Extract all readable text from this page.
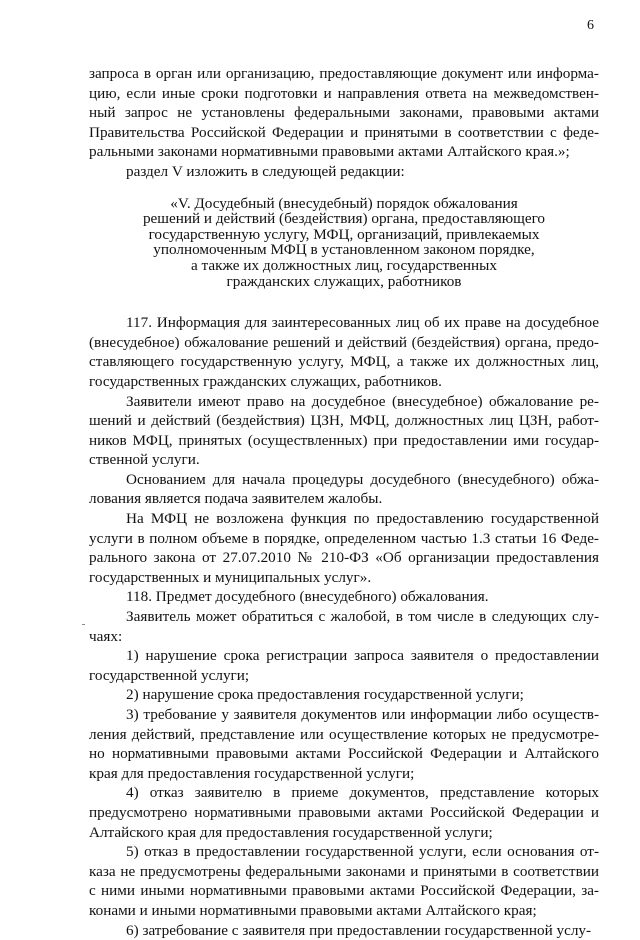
6

запроса в орган или организацию, предоставляющие документ или информа-

цию, если иные сроки подготовки и направления ответа на межведомствен-

ный запрос не установлены федеральными законами, правовыми актами

Правительства Российской Федерации и принятыми в соответствии с феде-

ральными законами нормативными правовыми актами Алтайского края.»;

раздел V изложить в следующей редакции:

«V. Досудебный (внесудебный) порядок обжалования
решений и действий (бездействия) органа, предоставляющего
государственную услугу, МФЦ, организаций, привлекаемых
уполномоченным МФЦ в установленном законом порядке,
а также их должностных лиц, государственных
гражданских служащих, работников

117. Информация для заинтересованных лиц об их праве на досудебное

(внесудебное) обжалование решений и действий (бездействия) органа, предо-

ставляющего государственную услугу, МФЦ, а также их должностных лиц,

государственных гражданских служащих, работников.

Заявители имеют право на досудебное (внесудебное) обжалование ре-

шений и действий (бездействия) ЦЗН, МФЦ, должностных лиц ЦЗН, работ-

ников МФЦ, принятых (осуществленных) при предоставлении ими государ-

ственной услуги.

Основанием для начала процедуры досудебного (внесудебного) обжа-

лования является подача заявителем жалобы.

На МФЦ не возложена функция по предоставлению государственной

услуги в полном объеме в порядке, определенном частью 1.3 статьи 16 Феде-

рального закона от 27.07.2010 № 210-ФЗ «Об организации предоставления

государственных и муниципальных услуг».

118. Предмет досудебного (внесудебного) обжалования.

Заявитель может обратиться с жалобой, в том числе в следующих слу-

чаях:

1) нарушение срока регистрации запроса заявителя о предоставлении

государственной услуги;

2) нарушение срока предоставления государственной услуги;

3) требование у заявителя документов или информации либо осуществ-

ления действий, представление или осуществление которых не предусмотре-

но нормативными правовыми актами Российской Федерации и Алтайского

края для предоставления государственной услуги;

4) отказ заявителю в приеме документов, представление которых

предусмотрено нормативными правовыми актами Российской Федерации и

Алтайского края для предоставления государственной услуги;

5) отказ в предоставлении государственной услуги, если основания от-

каза не предусмотрены федеральными законами и принятыми в соответствии

с ними иными нормативными правовыми актами Российской Федерации, за-

конами и иными нормативными правовыми актами Алтайского края;

6) затребование с заявителя при предоставлении государственной услу-
